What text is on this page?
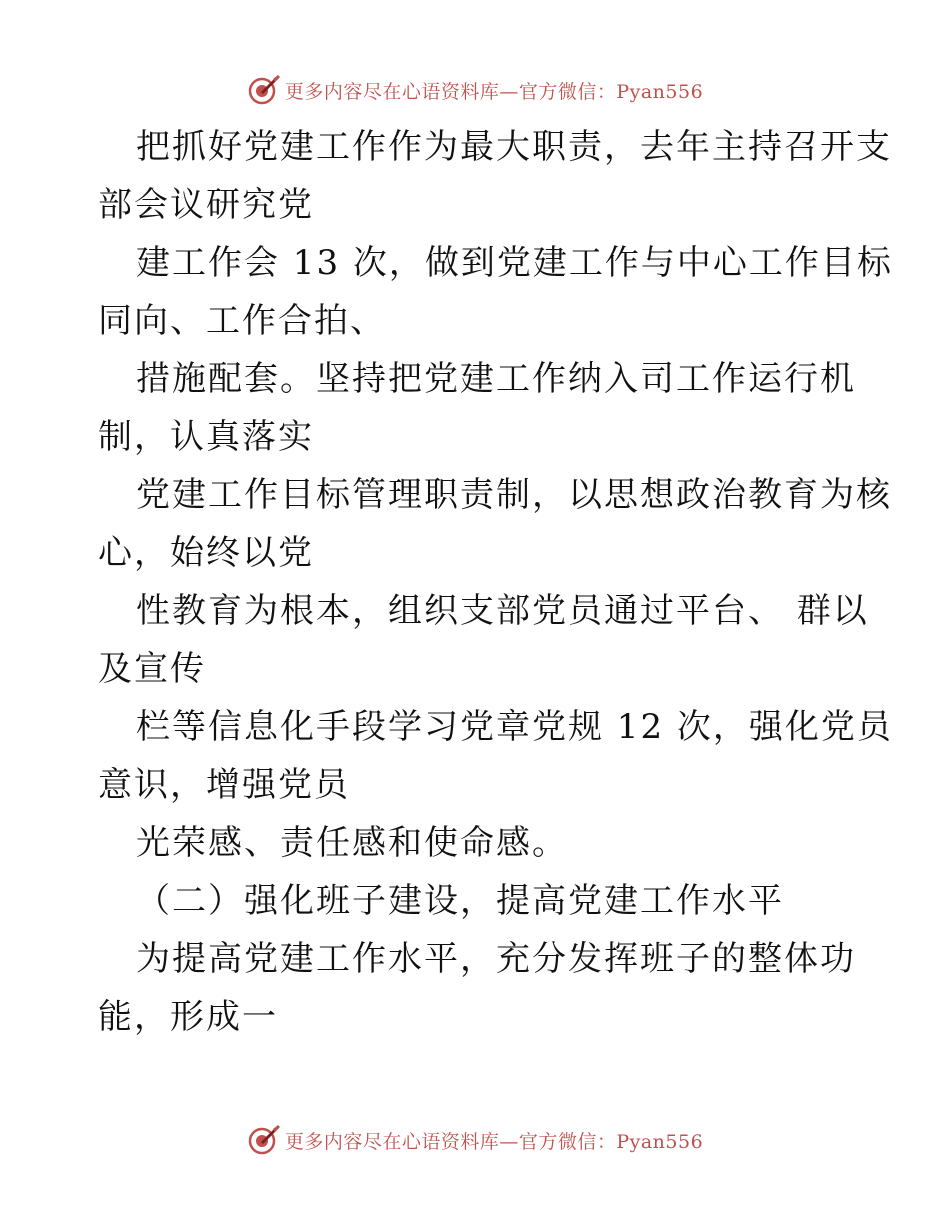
更多内容尽在心语资料库—官方微信：Pyan556
把抓好党建工作作为最大职责，去年主持召开支
部会议研究党
建工作会 13 次，做到党建工作与中心工作目标
同向、工作合拍、
措施配套。坚持把党建工作纳入司工作运行机
制，认真落实
党建工作目标管理职责制，以思想政治教育为核
心，始终以党
性教育为根本，组织支部党员通过平台、 群以
及宣传
栏等信息化手段学习党章党规 12 次，强化党员
意识，增强党员
光荣感、责任感和使命感。
（二）强化班子建设，提高党建工作水平
为提高党建工作水平，充分发挥班子的整体功
能，形成一
更多内容尽在心语资料库—官方微信：Pyan556
